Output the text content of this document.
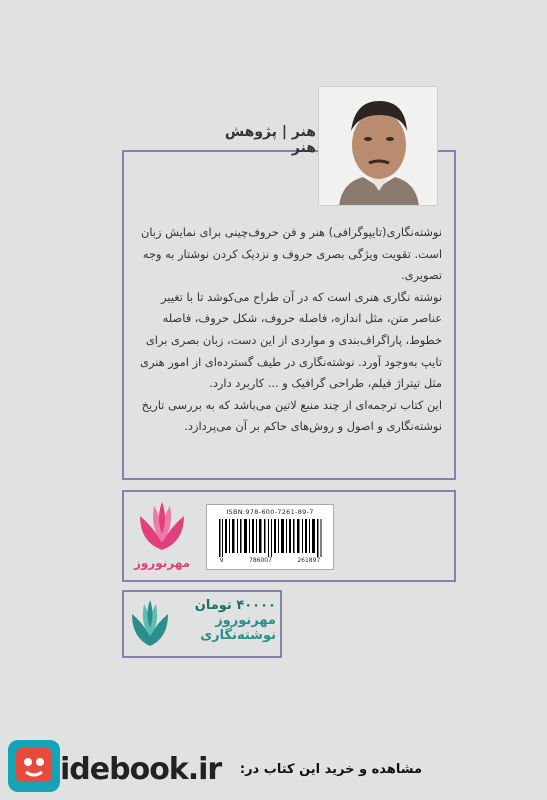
هنر | پژوهش هنر

نوشته‌نگاری(تایپوگرافی) هنر و فن حروف‌چینی برای نمایش زبان است. تقویت ویژگی بصری حروف و نزدیک کردن نوشتار به وجه تصویری.

نوشته نگاری هنری است که در آن طراح می‌کوشد تا با تغییر عناصر متن، مثل اندازه، فاصله حروف، شکل حروف، فاصله خطوط، پاراگراف‌بندی و مواردی از این دست، زبان بصری برای تایپ به‌وجود آورد. نوشته‌نگاری در طیف گسترده‌ای از امور هنری مثل تیتراژ فیلم، طراحی گرافیک و ... کاربرد دارد.

این کتاب ترجمه‌ای از چند منبع لاتین می‌باشد که به بررسی تاریخ نوشته‌نگاری و اصول و روش‌های حاکم بر آن می‌پردازد.

مهرنوروز
ISBN:978-600-7261-89-7
9	786007	261897
۴۰۰۰۰ تومان
مهرنوروز
نوشته‌نگاری
idebook.ir	مشاهده و خرید این کتاب در:
